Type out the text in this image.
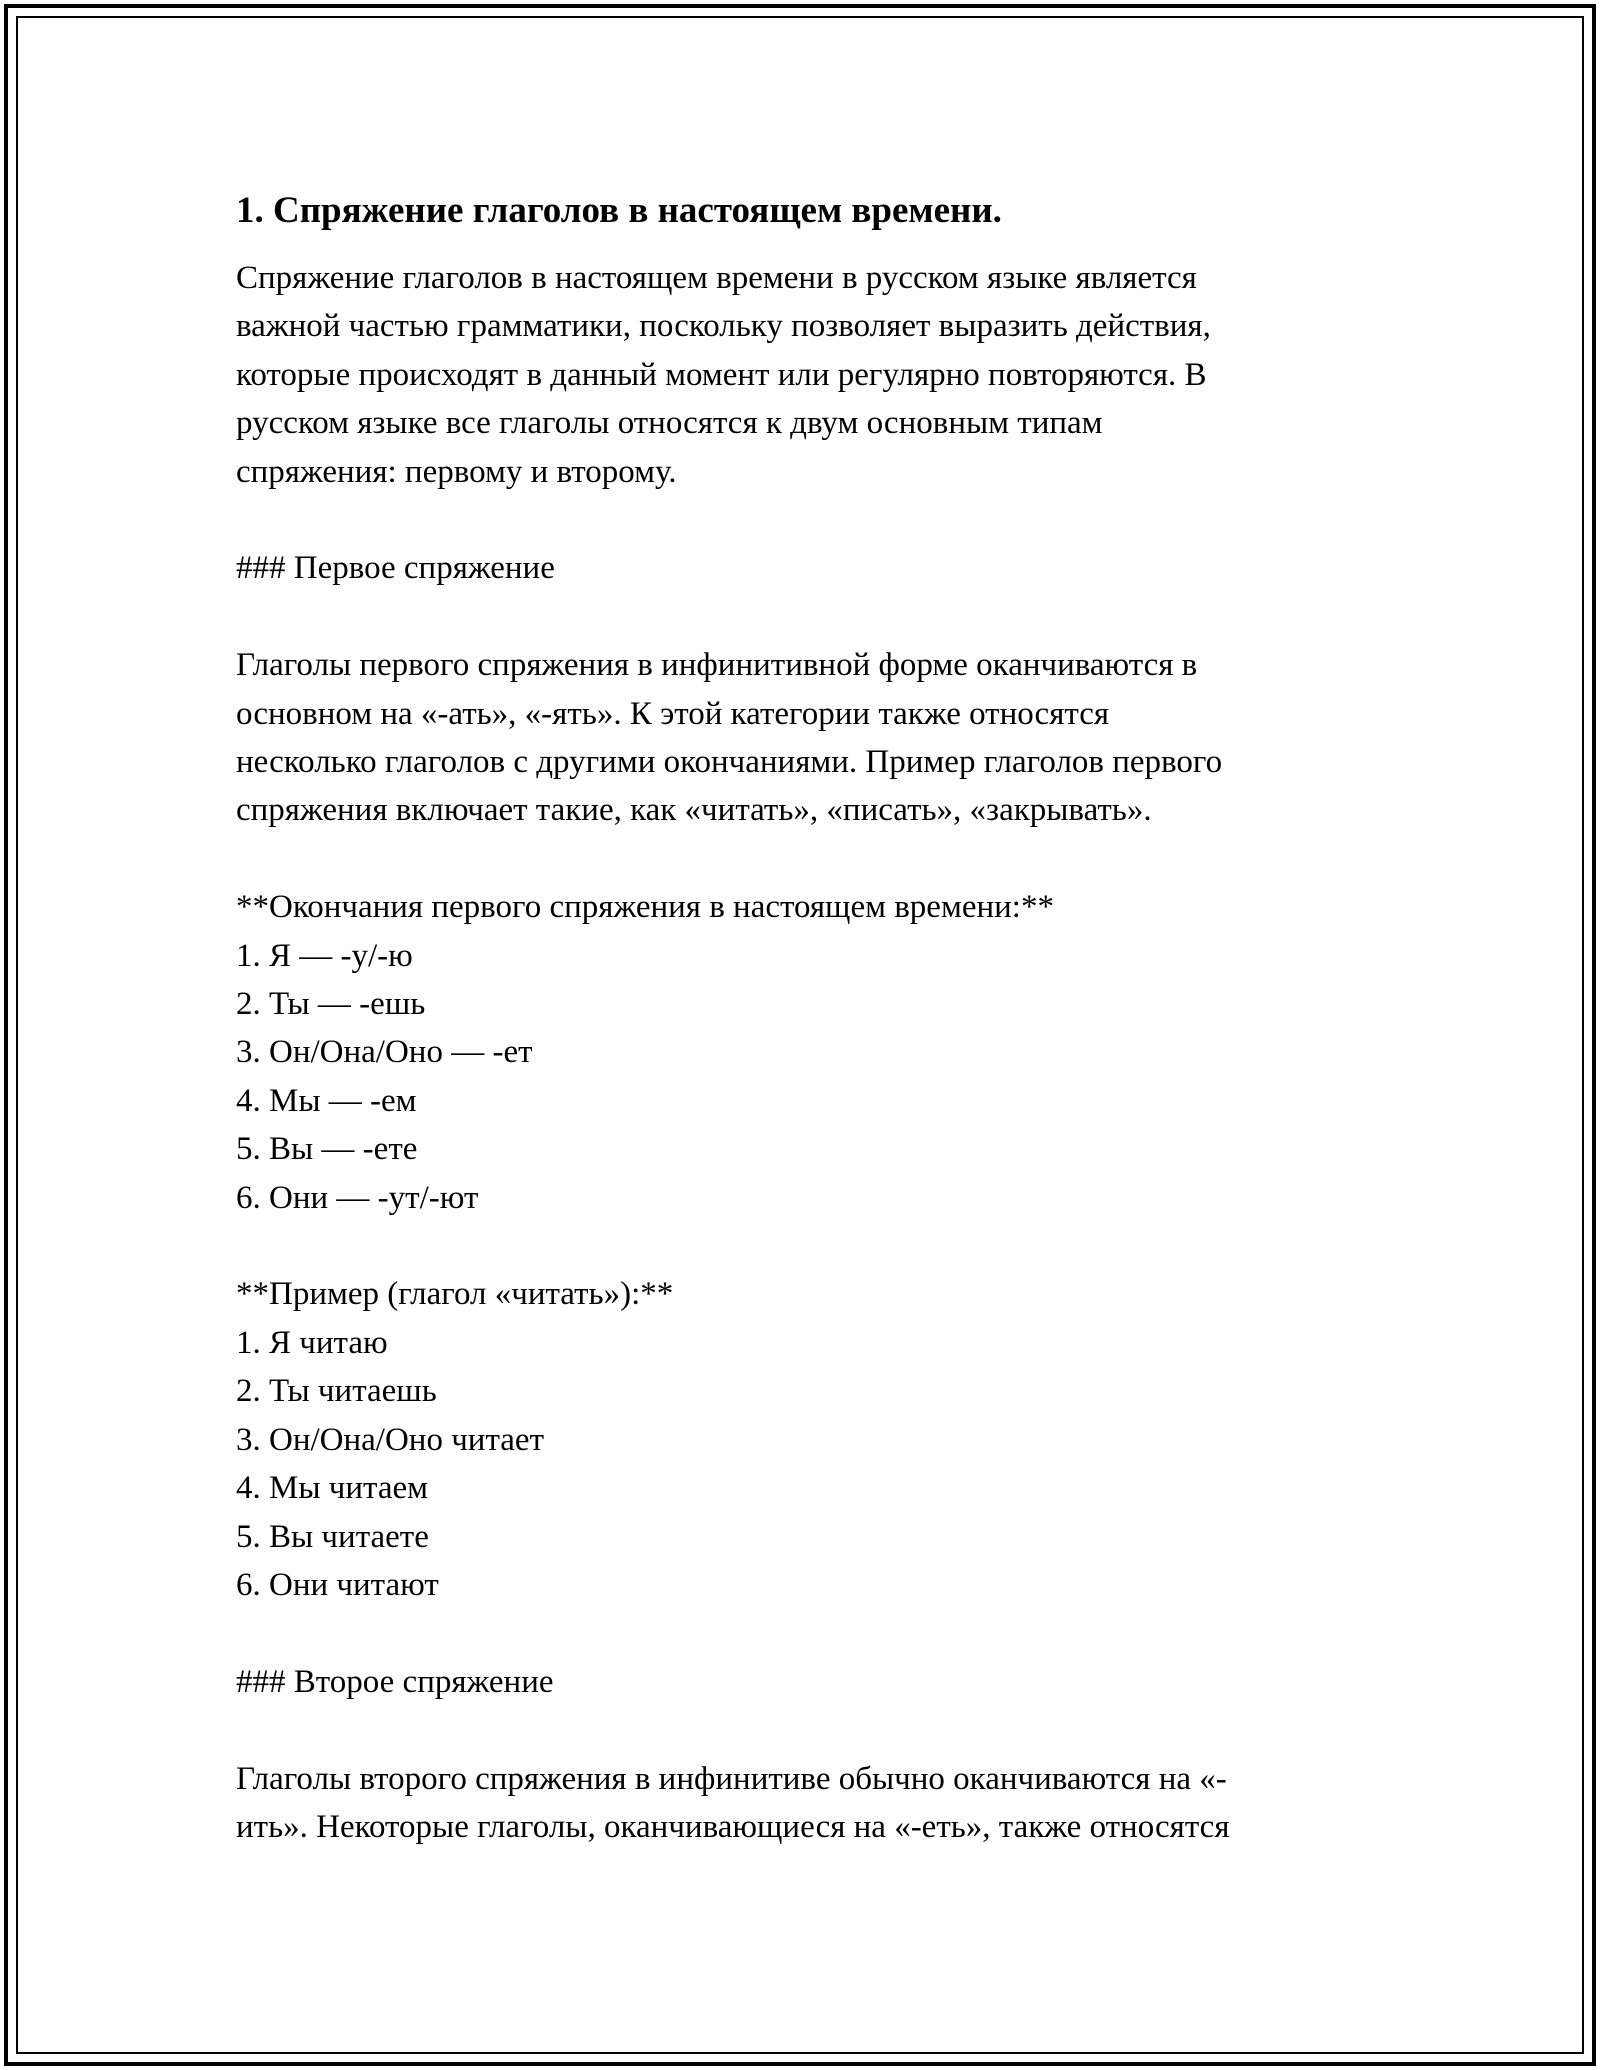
1. Спряжение глаголов в настоящем времени.

Спряжение глаголов в настоящем времени в русском языке является
важной частью грамматики, поскольку позволяет выразить действия,
которые происходят в данный момент или регулярно повторяются. В
русском языке все глаголы относятся к двум основным типам
спряжения: первому и второму.

### Первое спряжение

Глаголы первого спряжения в инфинитивной форме оканчиваются в
основном на «-ать», «-ять». К этой категории также относятся
несколько глаголов с другими окончаниями. Пример глаголов первого
спряжения включает такие, как «читать», «писать», «закрывать».

**Окончания первого спряжения в настоящем времени:**

1. Я — -у/-ю
2. Ты — -ешь
3. Он/Она/Оно — -ет
4. Мы — -ем
5. Вы — -ете
6. Они — -ут/-ют

**Пример (глагол «читать»):**

1. Я читаю
2. Ты читаешь
3. Он/Она/Оно читает
4. Мы читаем
5. Вы читаете
6. Они читают

### Второе спряжение

Глаголы второго спряжения в инфинитиве обычно оканчиваются на «-
ить». Некоторые глаголы, оканчивающиеся на «-еть», также относятся
